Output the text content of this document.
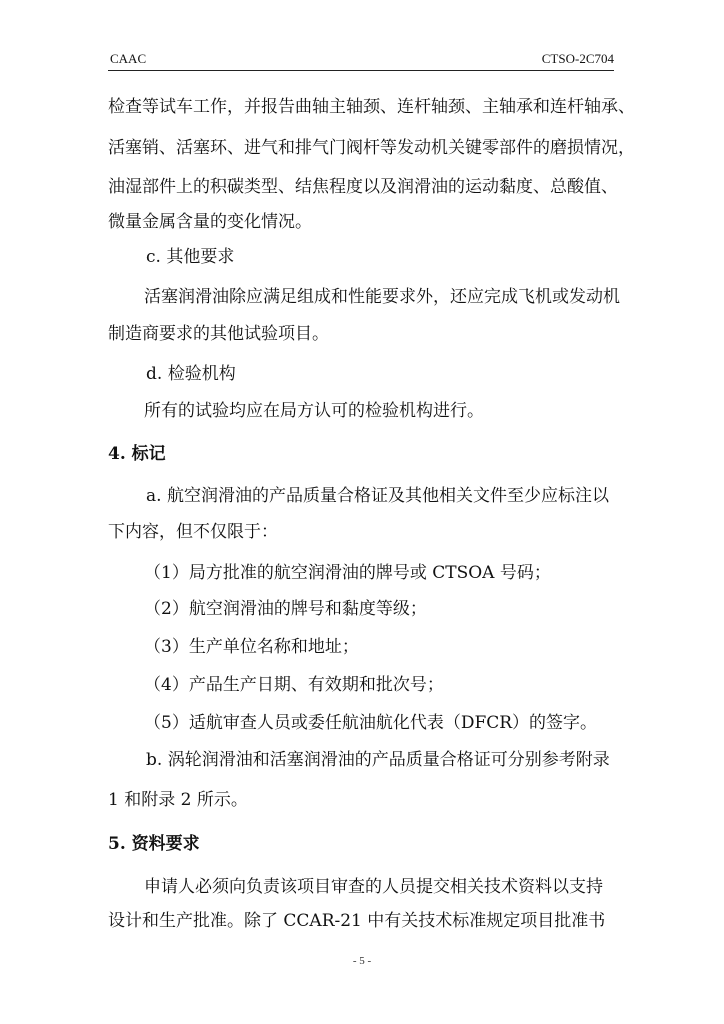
CAAC	CTSO-2C704
检查等试车工作，并报告曲轴主轴颈、连杆轴颈、主轴承和连杆轴承、
活塞销、活塞环、进气和排气门阀杆等发动机关键零部件的磨损情况，
油湿部件上的积碳类型、结焦程度以及润滑油的运动黏度、总酸值、
微量金属含量的变化情况。
c. 其他要求
活塞润滑油除应满足组成和性能要求外，还应完成飞机或发动机
制造商要求的其他试验项目。
d. 检验机构
所有的试验均应在局方认可的检验机构进行。
4. 标记
a. 航空润滑油的产品质量合格证及其他相关文件至少应标注以
下内容，但不仅限于：
（1）局方批准的航空润滑油的牌号或 CTSOA 号码；
（2）航空润滑油的牌号和黏度等级；
（3）生产单位名称和地址；
（4）产品生产日期、有效期和批次号；
（5）适航审查人员或委任航油航化代表（DFCR）的签字。
b. 涡轮润滑油和活塞润滑油的产品质量合格证可分别参考附录
1 和附录 2 所示。
5. 资料要求
申请人必须向负责该项目审查的人员提交相关技术资料以支持
设计和生产批准。除了 CCAR-21 中有关技术标准规定项目批准书
- 5 -
